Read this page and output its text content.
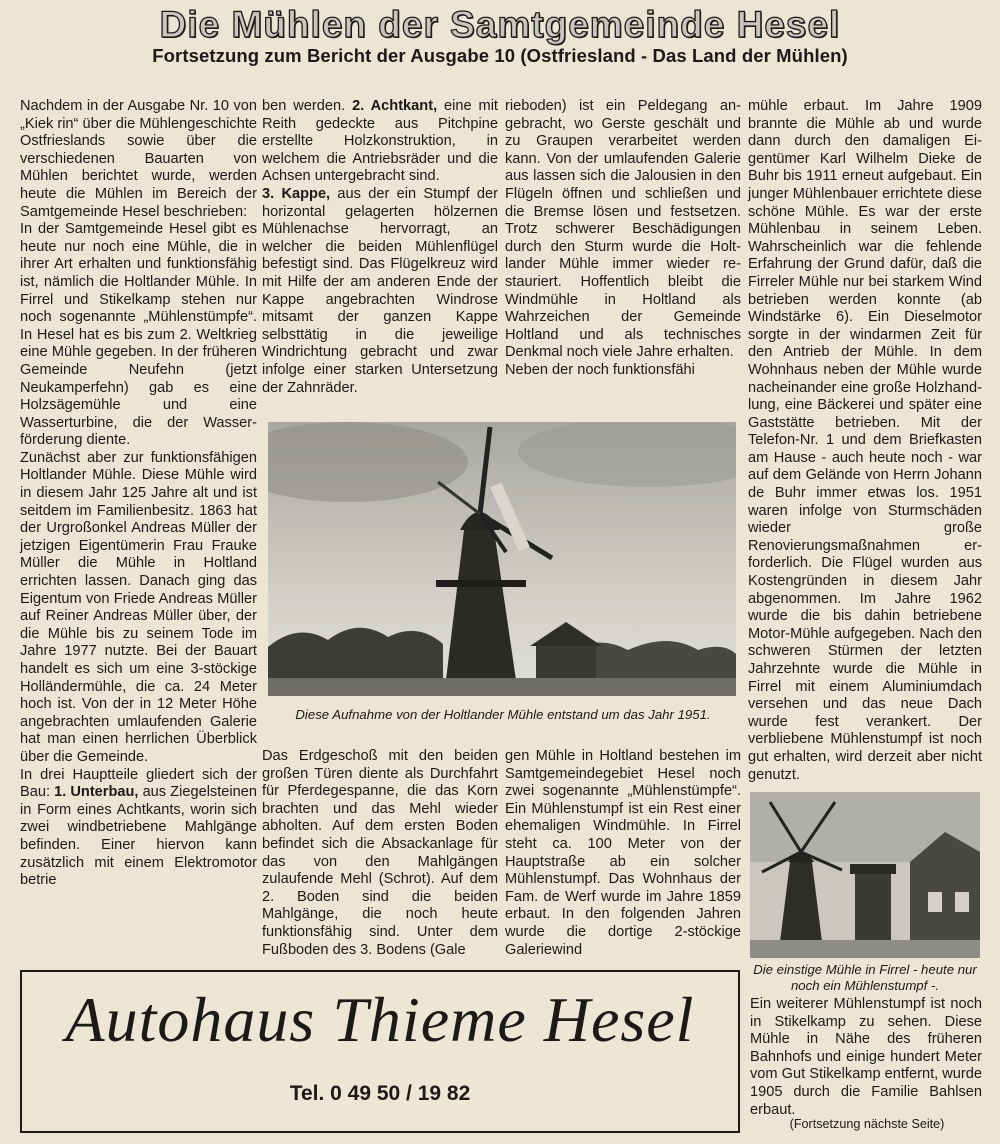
Die Mühlen der Samtgemeinde Hesel
Fortsetzung zum Bericht der Ausgabe 10 (Ostfriesland - Das Land der Mühlen)

Nachdem in der Ausgabe Nr. 10 von „Kiek rin“ über die Mühlengeschichte Ostfrieslands sowie über die verschiedenen Bauarten von Mühlen berichtet wurde, werden heute die Mühlen im Bereich der Samtgemeinde Hesel beschrieben:

In der Samtgemeinde Hesel gibt es heute nur noch eine Mühle, die in ihrer Art erhalten und funktionsfähig ist, nämlich die Holtlander Mühle. In Firrel und Stikelkamp stehen nur noch sogenannte „Mühlenstümpfe“. In Hesel hat es bis zum 2. Weltkrieg eine Mühle gegeben. In der früheren Gemeinde Neufehn (jetzt Neukamperfehn) gab es eine Holzsägemühle und eine Wasserturbine, die der Wasserförderung diente.

Zunächst aber zur funktionsfähigen Holtlander Mühle. Diese Mühle wird in diesem Jahr 125 Jahre alt und ist seitdem im Familienbesitz. 1863 hat der Urgroßonkel Andreas Müller der jetzigen Eigentümerin Frau Frauke Müller die Mühle in Holtland errichten lassen. Danach ging das Eigentum von Friede Andreas Müller auf Reiner Andreas Müller über, der die Mühle bis zu seinem Tode im Jahre 1977 nutzte. Bei der Bauart handelt es sich um eine 3-stöckige Holländermühle, die ca. 24 Meter hoch ist. Von der in 12 Meter Höhe angebrachten umlaufenden Galerie hat man einen herrlichen Überblick über die Gemeinde.

In drei Hauptteile gliedert sich der Bau: 1. Unterbau, aus Ziegelsteinen in Form eines Achtkants, worin sich zwei windbetriebene Mahlgänge befinden. Einer hiervon kann zusätzlich mit einem Elektromotor betrie

ben werden. 2. Achtkant, eine mit Reith gedeckte aus Pitchpine erstellte Holzkonstruktion, in welchem die Antriebsräder und die Achsen untergebracht sind.

3. Kappe, aus der ein Stumpf der horizontal gelagerten hölzernen Mühlenachse hervorragt, an welcher die beiden Mühlenflügel befestigt sind. Das Flügelkreuz wird mit Hilfe der am anderen Ende der Kappe angebrachten Windrose mitsamt der ganzen Kappe selbsttätig in die jeweilige Windrichtung gebracht und zwar infolge einer starken Untersetzung der Zahnräder.

rieboden) ist ein Peldegang angebracht, wo Gerste geschält und zu Graupen verarbeitet werden kann. Von der umlaufenden Galerie aus lassen sich die Jalousien in den Flügeln öffnen und schließen und die Bremse lösen und festsetzen. Trotz schwerer Beschädigungen durch den Sturm wurde die Holtlander Mühle immer wieder restauriert. Hoffentlich bleibt die Windmühle in Holtland als Wahrzeichen der Gemeinde Holtland und als technisches Denkmal noch viele Jahre erhalten.

Neben der noch funktionsfähi

Diese Aufnahme von der Holtlander Mühle entstand um das Jahr 1951.

Das Erdgeschoß mit den beiden großen Türen diente als Durchfahrt für Pferdegespanne, die das Korn brachten und das Mehl wieder abholten. Auf dem ersten Boden befindet sich die Absackanlage für das von den Mahlgängen zulaufende Mehl (Schrot). Auf dem 2. Boden sind die beiden Mahlgänge, die noch heute funktionsfähig sind. Unter dem Fußboden des 3. Bodens (Gale

gen Mühle in Holtland bestehen im Samtgemeindegebiet Hesel noch zwei sogenannte „Mühlenstümpfe“. Ein Mühlenstumpf ist ein Rest einer ehemaligen Windmühle. In Firrel steht ca. 100 Meter von der Hauptstraße ab ein solcher Mühlenstumpf. Das Wohnhaus der Fam. de Werf wurde im Jahre 1859 erbaut. In den folgenden Jahren wurde die dortige 2-stöckige Galeriewind

mühle erbaut. Im Jahre 1909 brannte die Mühle ab und wurde dann durch den damaligen Eigentümer Karl Wilhelm Dieke de Buhr bis 1911 erneut aufgebaut. Ein junger Mühlenbauer errichtete diese schöne Mühle. Es war der erste Mühlenbau in seinem Leben. Wahrscheinlich war die fehlende Erfahrung der Grund dafür, daß die Firreler Mühle nur bei starkem Wind betrieben werden konnte (ab Windstärke 6). Ein Dieselmotor sorgte in der windarmen Zeit für den Antrieb der Mühle. In dem Wohnhaus neben der Mühle wurde nacheinander eine große Holzhandlung, eine Bäckerei und später eine Gaststätte betrieben. Mit der Telefon-Nr. 1 und dem Briefkasten am Hause - auch heute noch - war auf dem Gelände von Herrn Johann de Buhr immer etwas los. 1951 waren infolge von Sturmschäden wieder große Renovierungsmaßnahmen erforderlich. Die Flügel wurden aus Kostengründen in diesem Jahr abgenommen. Im Jahre 1962 wurde die bis dahin betriebene Motor-Mühle aufgegeben. Nach den schweren Stürmen der letzten Jahrzehnte wurde die Mühle in Firrel mit einem Aluminiumdach versehen und das neue Dach wurde fest verankert. Der verbliebene Mühlenstumpf ist noch gut erhalten, wird derzeit aber nicht genutzt.

Die einstige Mühle in Firrel - heute nur noch ein Mühlenstumpf -.

Ein weiterer Mühlenstumpf ist noch in Stikelkamp zu sehen. Diese Mühle in Nähe des früheren Bahnhofs und einige hundert Meter vom Gut Stikelkamp entfernt, wurde 1905 durch die Familie Bahlsen erbaut.

(Fortsetzung nächste Seite)
Autohaus Thieme Hesel
Tel. 0 49 50 / 19 82
